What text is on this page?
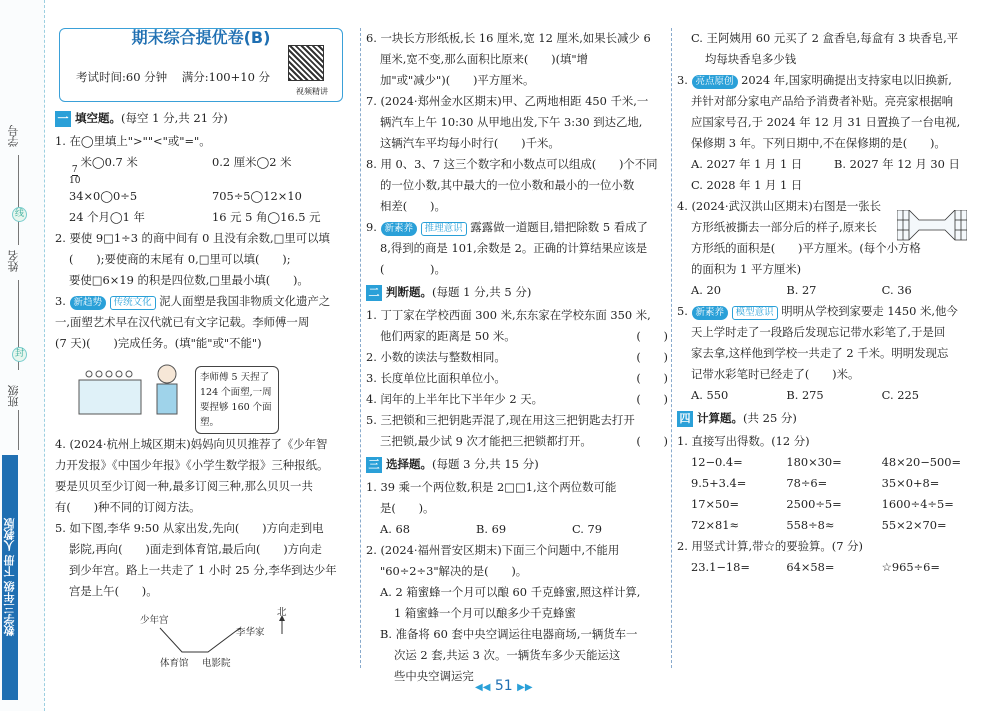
学号
线
姓名
封
班级
数学三年级 下册 人教版
期末综合提优卷(B)
考试时间:60 分钟 满分:100+10 分
视频精讲
一 填空题。 (每空 1 分,共 21 分)

1. 在◯里填上">""<"或"="。

$\frac{7}{10}$
米◯0.7 米	0.2 厘米◯2 米
34×0◯0÷5	705÷5◯12×10
24 个月◯1 年	16 元 5 角◯16.5 元

2. 要使 9□1÷3 的商中间有 0 且没有余数,□里可以填

(　　);要使商的末尾有 0,□里可以填(　　);

要使□6×19 的积是四位数,□里最小填(　　)。

3. 新趋势 传统文化 泥人面塑是我国非物质文化遗产之

一,面塑艺术早在汉代就已有文字记载。李师傅一周

(7 天)(　　)完成任务。(填"能"或"不能")

4. (2024·杭州上城区期末)妈妈向贝贝推荐了《少年智

力开发报》《中国少年报》《小学生数学报》三种报纸。

要是贝贝至少订阅一种,最多订阅三种,那么贝贝一共

有(　　)种不同的订阅方法。

5. 如下图,李华 9:50 从家出发,先向(　　)方向走到电

影院,再向(　　)面走到体育馆,最后向(　　)方向走

到少年宫。路上一共走了 1 小时 25 分,李华到达少年

宫是上午(　　)。

李师傅 5 天捏了 124 个面塑,一周要捏够 160 个面塑。
少年宫
李华家
体育馆 电影院
北

6. 一块长方形纸板,长 16 厘米,宽 12 厘米,如果长减少 6

厘米,宽不变,那么面积比原来(　　)(填"增

加"或"减少")(　　)平方厘米。

7. (2024·郑州金水区期末)甲、乙两地相距 450 千米,一

辆汽车上午 10:30 从甲地出发,下午 3:30 到达乙地,

这辆汽车平均每小时行(　　)千米。

8. 用 0、3、7 这三个数字和小数点可以组成(　　)个不同

的一位小数,其中最大的一位小数和最小的一位小数

相差(　　)。

9. 新素养 推理意识 露露做一道题目,错把除数 5 看成了

8,得到的商是 101,余数是 2。正确的计算结果应该是

(　　　　)。

二 判断题。 (每题 1 分,共 5 分)

1. 丁丁家在学校西面 300 米,东东家在学校东面 350 米,

他们两家的距离是 50 米。	(　　)

2. 小数的读法与整数相同。	(　　)

3. 长度单位比面积单位小。	(　　)

4. 闰年的上半年比下半年少 2 天。	(　　)

5. 三把锁和三把钥匙弄混了,现在用这三把钥匙去打开

三把锁,最少试 9 次才能把三把锁都打开。	(　　)

三 选择题。 (每题 3 分,共 15 分)

1. 39 乘一个两位数,积是 2□□1,这个两位数可能

是(　　)。

A. 68	B. 69	C. 79

2. (2024·福州晋安区期末)下面三个问题中,不能用

"60÷2÷3"解决的是(　　)。

A. 2 箱蜜蜂一个月可以酿 60 千克蜂蜜,照这样计算,

1 箱蜜蜂一个月可以酿多少千克蜂蜜

B. 准备将 60 套中央空调运往电器商场,一辆货车一

次运 2 套,共运 3 次。一辆货车多少天能运这

些中央空调运完

C. 王阿姨用 60 元买了 2 盒香皂,每盒有 3 块香皂,平

均每块香皂多少钱

3. 亮点原创 2024 年,国家明确提出支持家电以旧换新,

并针对部分家电产品给予消费者补贴。亮亮家根据响

应国家号召,于 2024 年 12 月 31 日置换了一台电视,

保修期 3 年。下列日期中,不在保修期的是(　　)。

A. 2027 年 1 月 1 日	B. 2027 年 12 月 30 日

C. 2028 年 1 月 1 日

4. (2024·武汉洪山区期末)右图是一张长

方形纸被撕去一部分后的样子,原来长

方形纸的面积是(　　)平方厘米。(每个小方格

的面积为 1 平方厘米)

A. 20	B. 27	C. 36

5. 新素养 模型意识 明明从学校到家要走 1450 米,他今

天上学时走了一段路后发现忘记带水彩笔了,于是回

家去拿,这样他到学校一共走了 2 千米。明明发现忘

记带水彩笔时已经走了(　　)米。

A. 550	B. 275	C. 225
四 计算题。 (共 25 分)

1. 直接写出得数。(12 分)

12−0.4=	180×30=	48×20−500=
9.5+3.4=	78÷6=	35×0+8=
17×50=	2500÷5=	1600÷4÷5=
72×81≈	558÷8≈	55×2×70=

2. 用竖式计算,带☆的要验算。(7 分)

23.1−18=	64×58=	☆965÷6=
◀◀ 51 ▶▶
